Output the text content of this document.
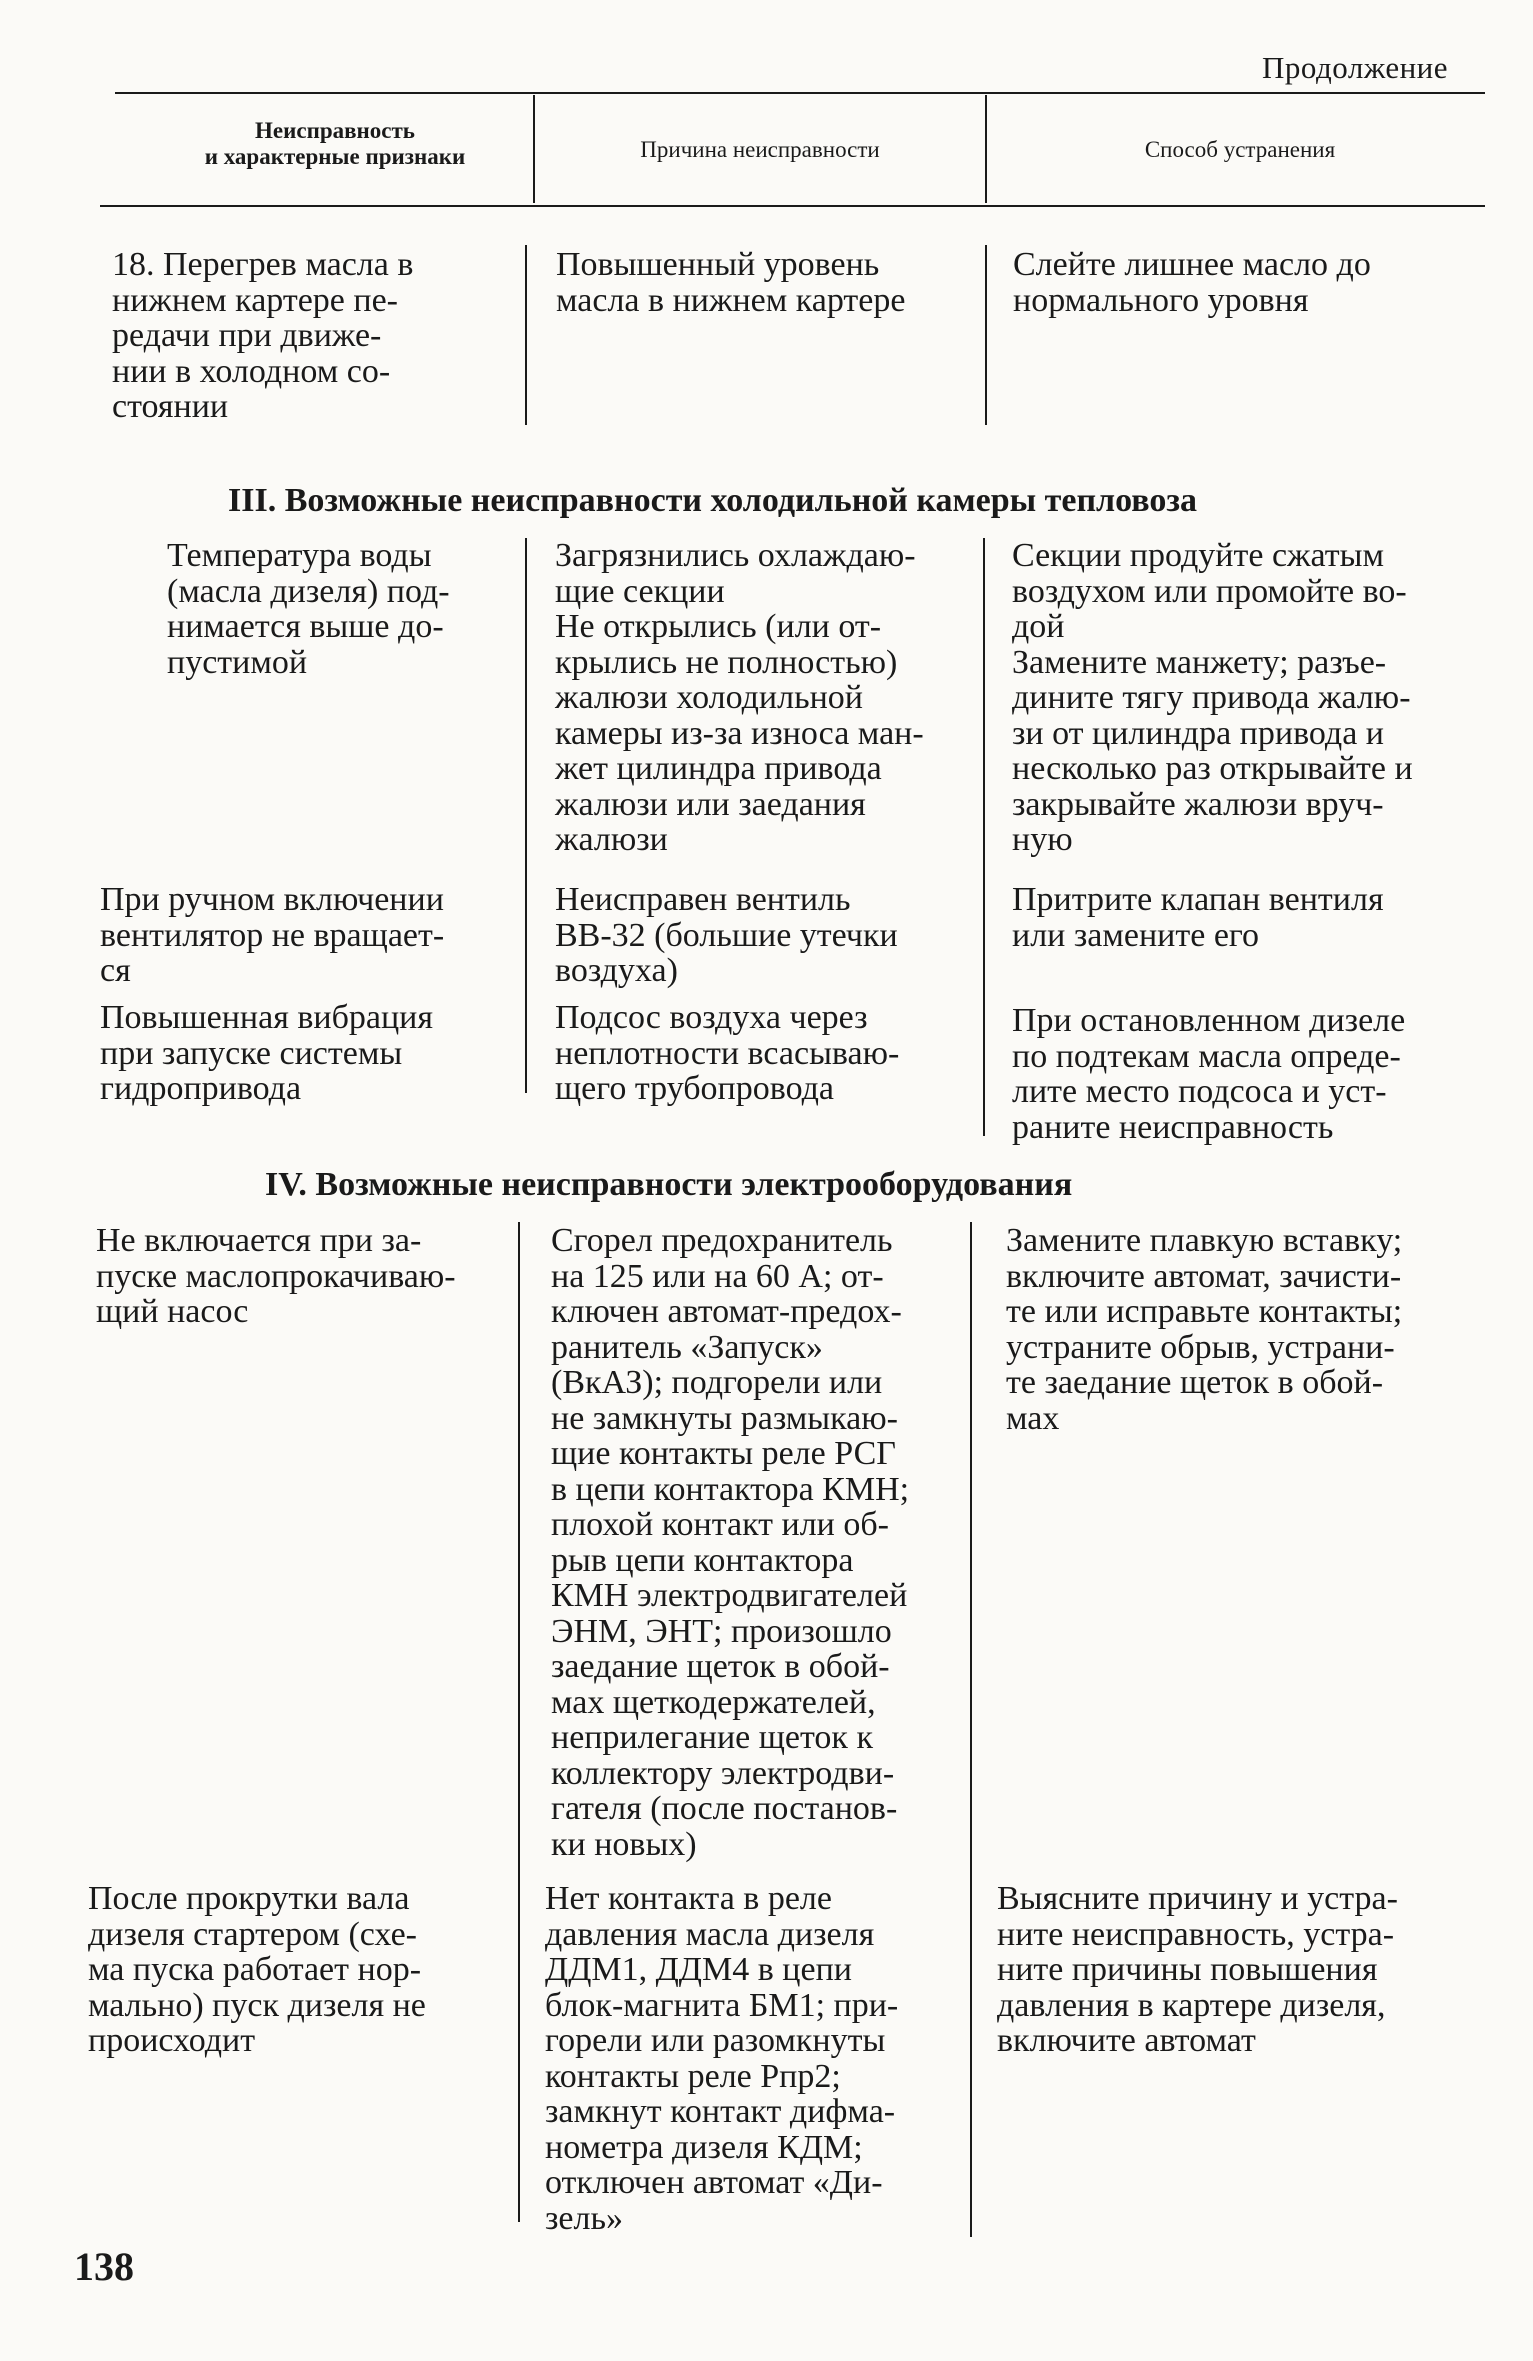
Продолжение
Неисправность
и характерные признаки	Причина неисправности	Способ устранения
18. Перегрев масла в
нижнем картере пе-
редачи при движе-
нии в холодном со-
стоянии
Повышенный уровень
масла в нижнем картере
Слейте лишнее масло до
нормального уровня
III. Возможные неисправности холодильной камеры тепловоза
Температура воды
(масла дизеля) под-
нимается выше до-
пустимой
Загрязнились охлаждаю-
щие секции
Не открылись (или от-
крылись не полностью)
жалюзи холодильной
камеры из-за износа ман-
жет цилиндра привода
жалюзи или заедания
жалюзи
Секции продуйте сжатым
воздухом или промойте во-
дой
Замените манжету; разъе-
дините тягу привода жалю-
зи от цилиндра привода и
несколько раз открывайте и
закрывайте жалюзи вруч-
ную
При ручном включении
вентилятор не вращает-
ся
Неисправен вентиль
ВВ-32 (большие утечки
воздуха)
Притрите клапан вентиля
или замените его
Повышенная вибрация
при запуске системы
гидропривода
Подсос воздуха через
неплотности всасываю-
щего трубопровода
При остановленном дизеле
по подтекам масла опреде-
лите место подсоса и уст-
раните неисправность
IV. Возможные неисправности электрооборудования
Не включается при за-
пуске маслопрокачиваю-
щий насос
Сгорел предохранитель
на 125 или на 60 А; от-
ключен автомат-предох-
ранитель «Запуск»
(ВкАЗ); подгорели или
не замкнуты размыкаю-
щие контакты реле РСГ
в цепи контактора КМН;
плохой контакт или об-
рыв цепи контактора
КМН электродвигателей
ЭНМ, ЭНТ; произошло
заедание щеток в обой-
мах щеткодержателей,
неприлегание щеток к
коллектору электродви-
гателя (после постанов-
ки новых)
Замените плавкую вставку;
включите автомат, зачисти-
те или исправьте контакты;
устраните обрыв, устрани-
те заедание щеток в обой-
мах
После прокрутки вала
дизеля стартером (схе-
ма пуска работает нор-
мально) пуск дизеля не
происходит
Нет контакта в реле
давления масла дизеля
ДДМ1, ДДМ4 в цепи
блок-магнита БМ1; при-
горели или разомкнуты
контакты реле Рпр2;
замкнут контакт дифма-
нометра дизеля КДМ;
отключен автомат «Ди-
зель»
Выясните причину и устра-
ните неисправность, устра-
ните причины повышения
давления в картере дизеля,
включите автомат
138
